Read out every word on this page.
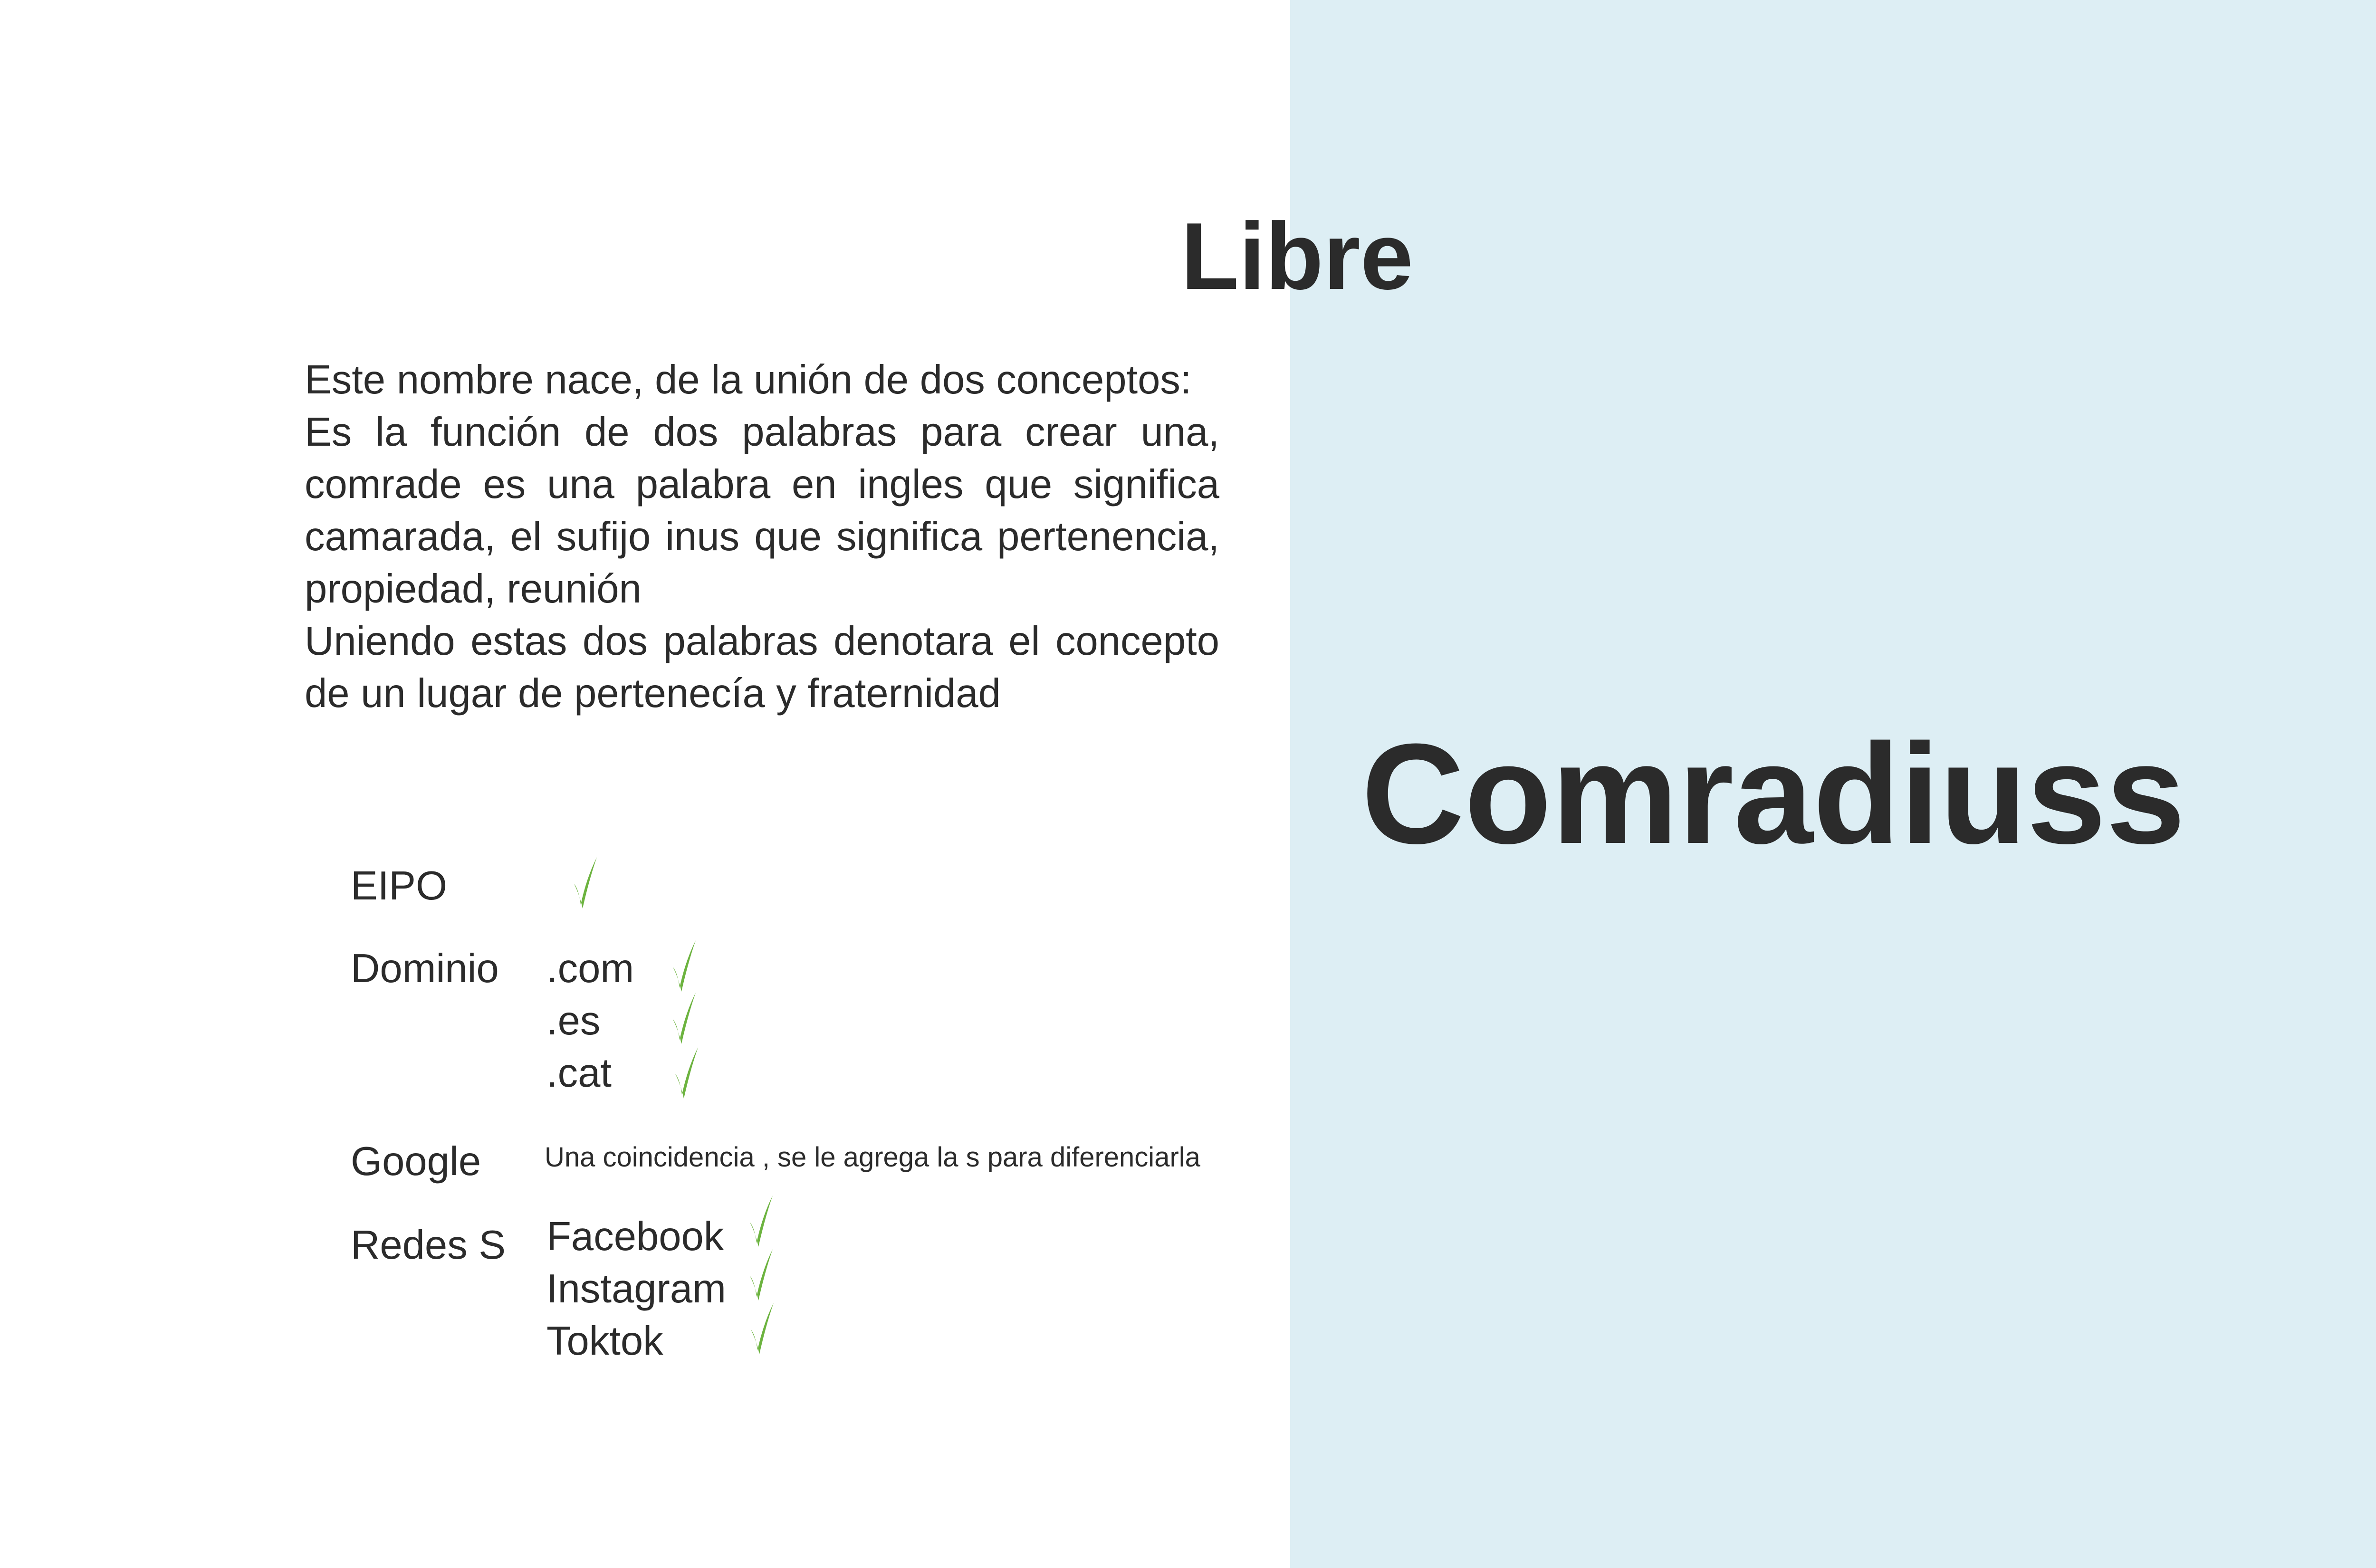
Libre
Este nombre nace, de la unión de dos conceptos:
Es la función de dos palabras para crear una,
comrade es una palabra en ingles que significa
camarada, el sufijo inus que significa pertenencia,
propiedad, reunión
Uniendo estas dos palabras denotara el concepto
de un lugar de pertenecía y fraternidad
EIPO
Dominio .com
.es
.cat
Google Una coincidencia , se le agrega la s para diferenciarla
Redes S Facebook
Instagram
Toktok
Comradiuss
